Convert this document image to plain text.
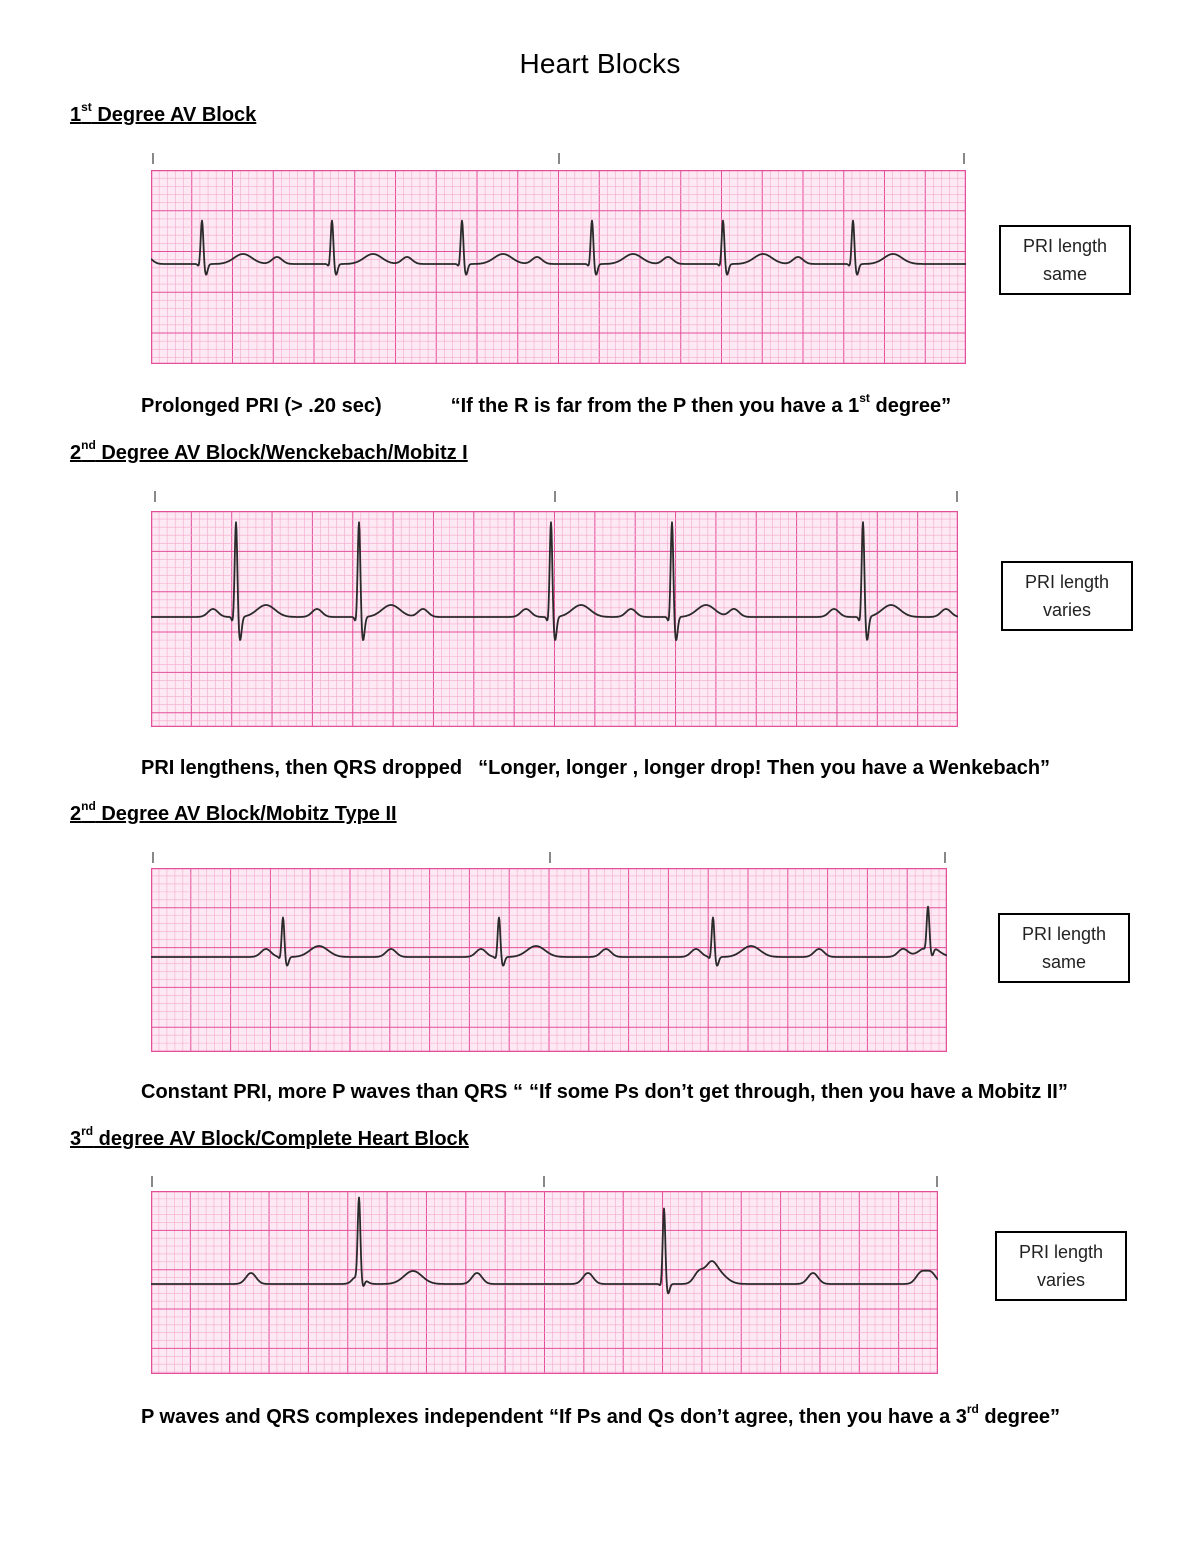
Heart Blocks
1st Degree AV Block
PRI length
same
Prolonged PRI (> .20 sec)	“If the R is far from the P then you have a 1st degree”
2nd Degree AV Block/Wenckebach/Mobitz I
PRI length
varies
PRI lengthens, then QRS dropped “Longer, longer , longer drop! Then you have a Wenkebach”
2nd Degree AV Block/Mobitz Type II
PRI length
same
Constant PRI, more P waves than QRS “ “If some Ps don’t get through, then you have a Mobitz II”
3rd degree AV Block/Complete Heart Block
PRI length
varies
P waves and QRS complexes independent “If Ps and Qs don’t agree, then you have a 3rd degree”
